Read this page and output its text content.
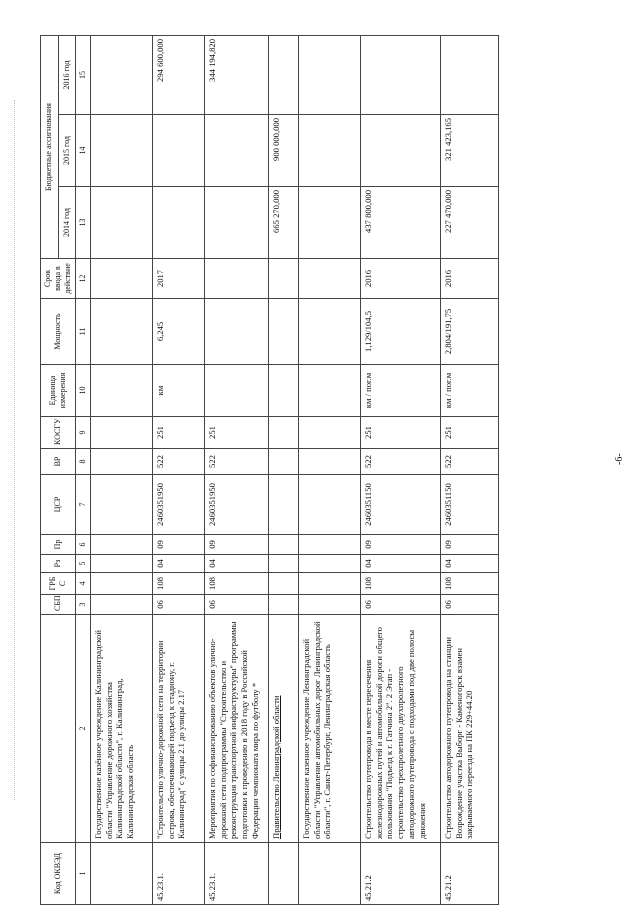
Код ОКВЭД		СБП	ГРБ С	Рз	Пр	ЦСР	ВР	КОСГУ	Единица измерения	Мощность	Срок ввода в действие	Бюджетные ассигнования		
												2014 год	2015 год	2016 год
1	2	3	4	5	6	7	8	9	10	11	12	13	14	15
	Государственное казённое учреждение Калининградской области "Управление дорожного хозяйства Калининградской области", г. Калининград, Калининградская область													
45.23.1.	"Строительство улично-дорожной сети на территории острова, обеспечивающей подъезд к стадиону, г. Калининград" с улицы 2.1 до улицы 2.17	06	108	04	09	2460351950	522	251	км	6,245	2017			294 600,000
45.23.1.	Мероприятия по софинансированию объектов улично-дорожной сети подпрограммы "Строительство и реконструкция транспортной инфраструктуры" программы подготовки к проведению в 2018 году в Российской Федерации чемпионата мира по футболу *	06	108	04	09	2460351950	522	251						344 194,820
	Правительство Ленинградской области											665 270,000	900 000,000	
	Государственное казенное учреждение Ленинградской области "Управление автомобильных дорог Ленинградской области", г. Санкт-Петербург, Ленинградская область													
45.21.2	Строительство путепровода в месте пересечения железнодорожных путей и автомобильной дороги общего пользования "Подъезд к г. Гатчина 2". 2 Этап - строительство трехпролетного двухпролетного автодорожного путепровода с подходами под две полосы движения	06	108	04	09	2460351150	522	251	км / пог.м	1,129/104,5	2016	437 800,000		
45.21.2	Строительство автодорожного путепровода на станции Возрождение участка Выборг - Каменогорск взамен закрываемого переезда на ПК 229+44.20	06	108	04	09	2460351150	522	251	км / пог.м	2,804/191,75	2016	227 470,000	321 423,165	
-6-
